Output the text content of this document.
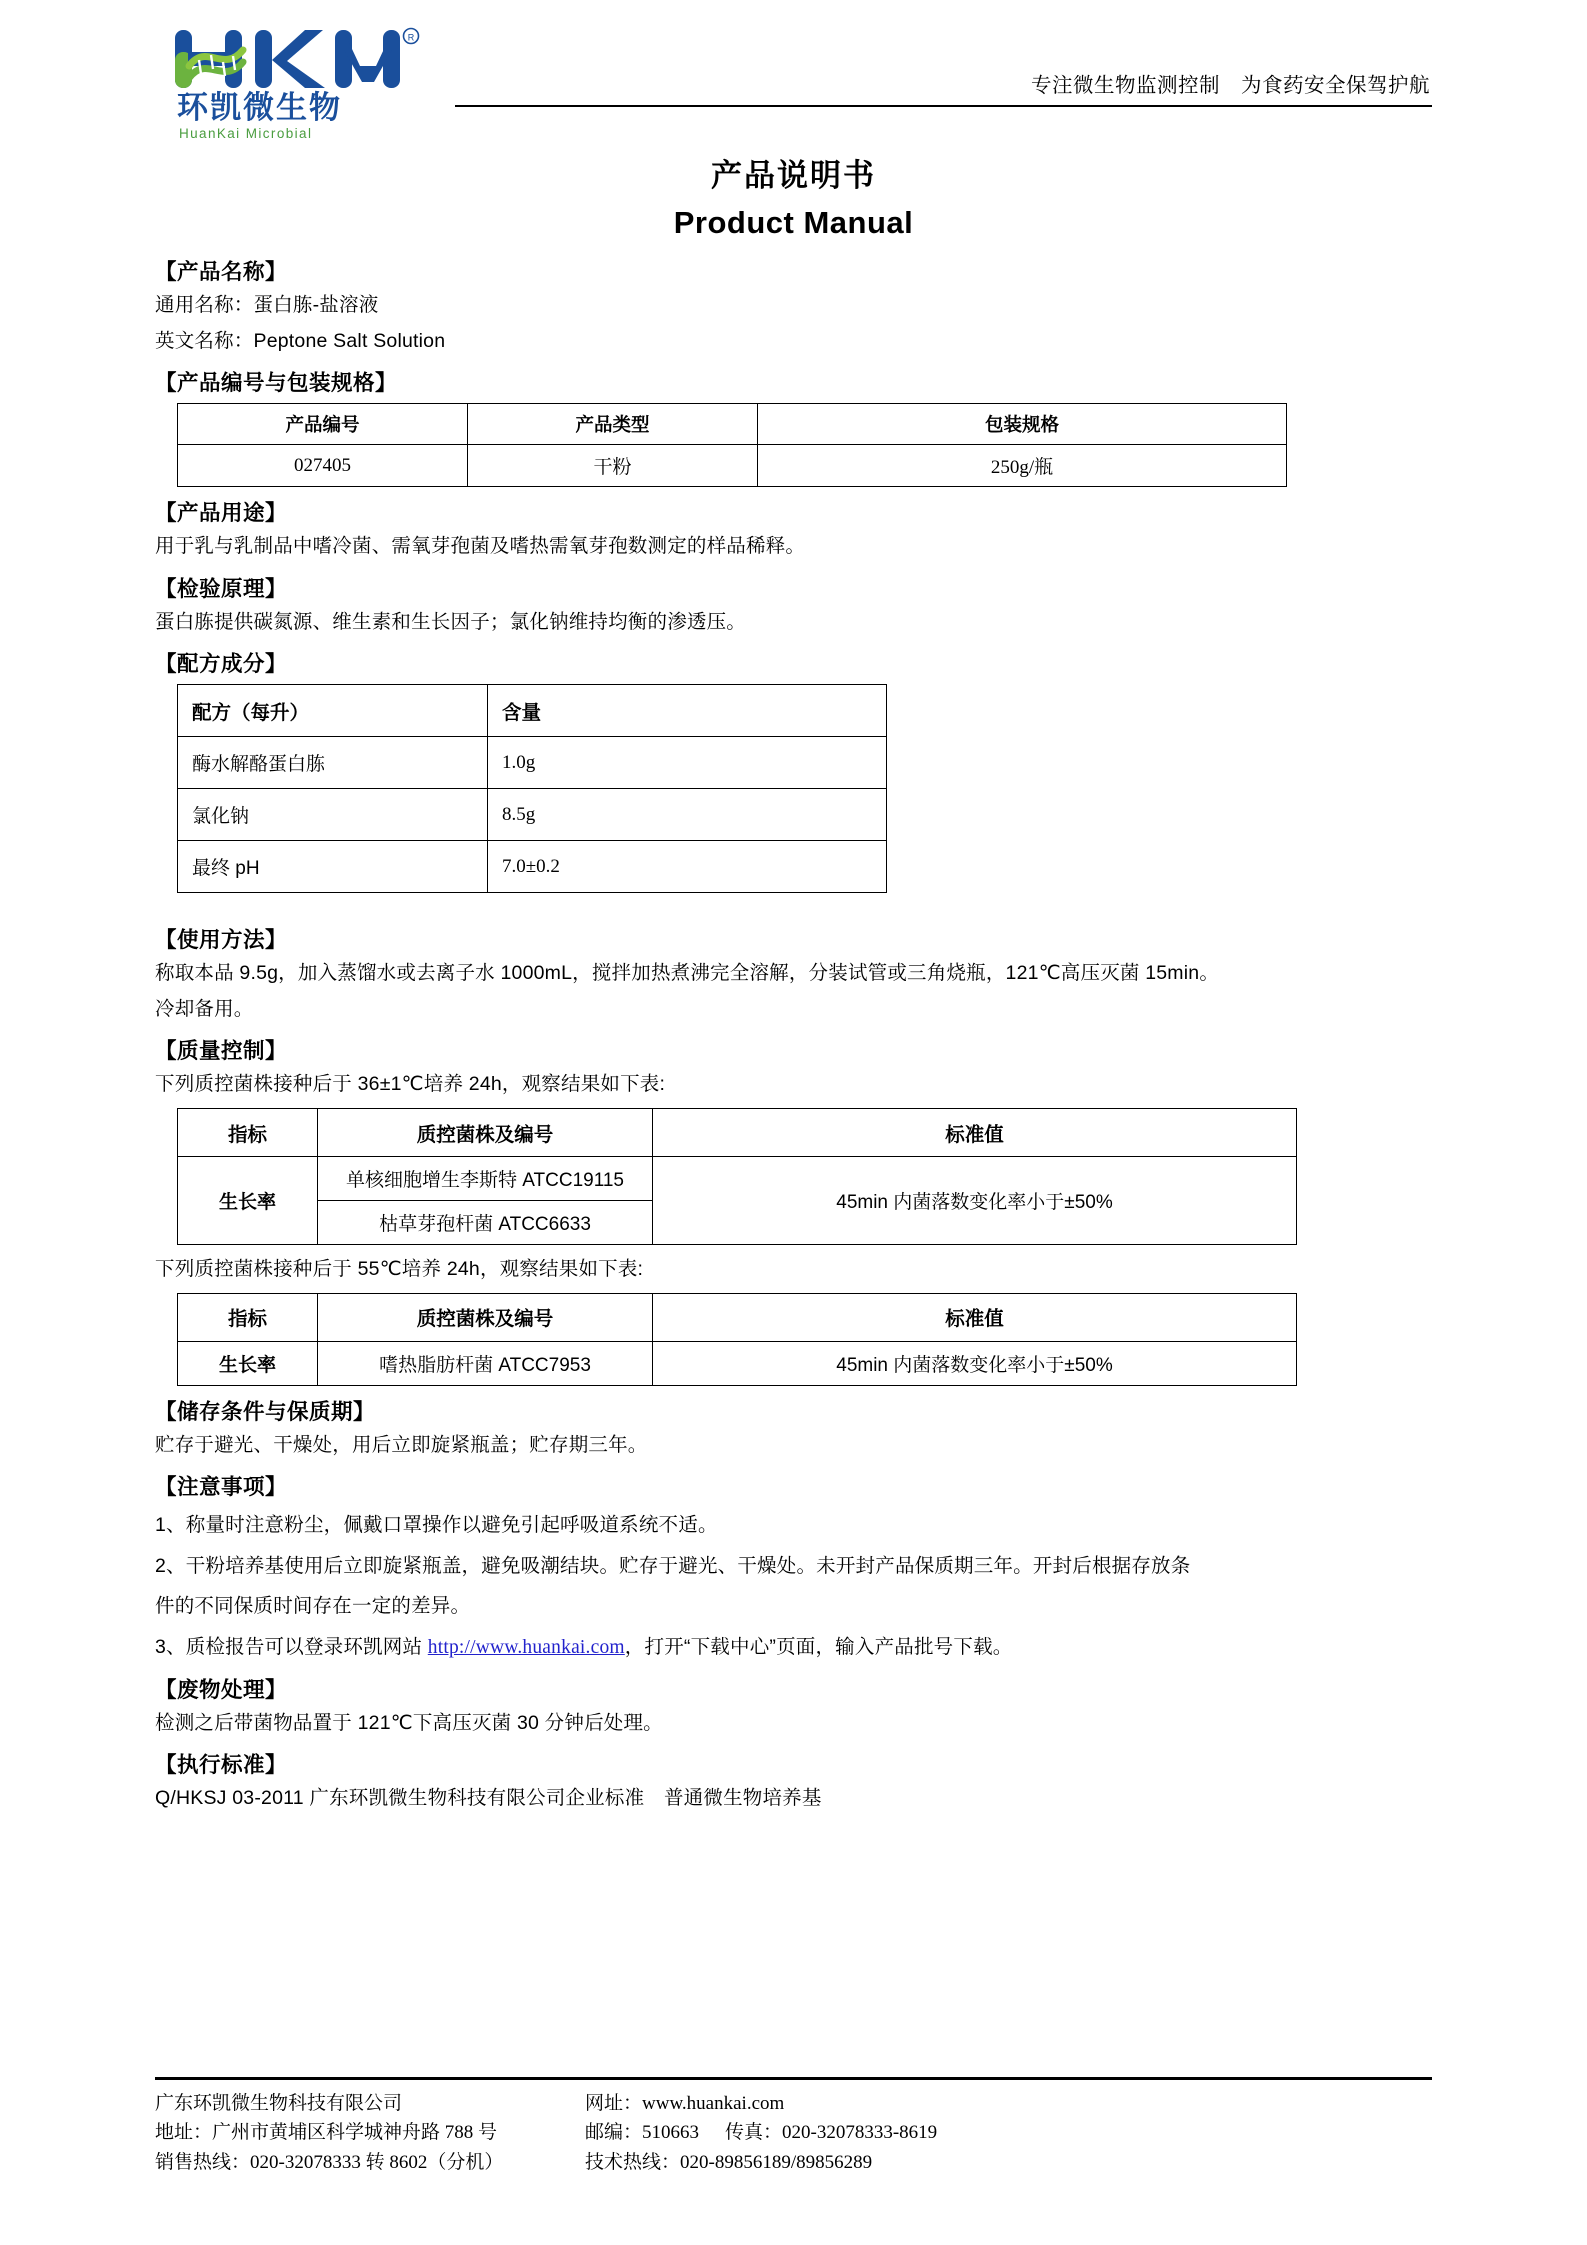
R
环凯微生物
HuanKai Microbial
专注微生物监测控制　为食药安全保驾护航
产品说明书
Product Manual
【产品名称】
通用名称：蛋白胨-盐溶液
英文名称：Peptone Salt Solution
【产品编号与包装规格】
产品编号	产品类型	包装规格
027405	干粉	250g/瓶
【产品用途】
用于乳与乳制品中嗜冷菌、需氧芽孢菌及嗜热需氧芽孢数测定的样品稀释。
【检验原理】
蛋白胨提供碳氮源、维生素和生长因子；氯化钠维持均衡的渗透压。
【配方成分】
配方（每升）	含量
酶水解酪蛋白胨	1.0g
氯化钠	8.5g
最终 pH	7.0±0.2
【使用方法】
称取本品 9.5g，加入蒸馏水或去离子水 1000mL，搅拌加热煮沸完全溶解，分装试管或三角烧瓶，121℃高压灭菌 15min。
冷却备用。
【质量控制】
下列质控菌株接种后于 36±1℃培养 24h，观察结果如下表:
指标	质控菌株及编号	标准值
生长率	单核细胞增生李斯特 ATCC19115	45min 内菌落数变化率小于±50%
	枯草芽孢杆菌 ATCC6633	
下列质控菌株接种后于 55℃培养 24h，观察结果如下表:
指标	质控菌株及编号	标准值
生长率	嗜热脂肪杆菌 ATCC7953	45min 内菌落数变化率小于±50%
【储存条件与保质期】
贮存于避光、干燥处，用后立即旋紧瓶盖；贮存期三年。
【注意事项】
1、称量时注意粉尘，佩戴口罩操作以避免引起呼吸道系统不适。
2、干粉培养基使用后立即旋紧瓶盖，避免吸潮结块。贮存于避光、干燥处。未开封产品保质期三年。开封后根据存放条
件的不同保质时间存在一定的差异。
3、质检报告可以登录环凯网站 http://www.huankai.com，打开“下载中心”页面，输入产品批号下载。
【废物处理】
检测之后带菌物品置于 121℃下高压灭菌 30 分钟后处理。
【执行标准】
Q/HKSJ 03-2011 广东环凯微生物科技有限公司企业标准　普通微生物培养基
广东环凯微生物科技有限公司
地址：广州市黄埔区科学城神舟路 788 号
销售热线：020-32078333 转 8602（分机）
网址：www.huankai.com
邮编：510663 传真：020-32078333-8619
技术热线：020-89856189/89856289
